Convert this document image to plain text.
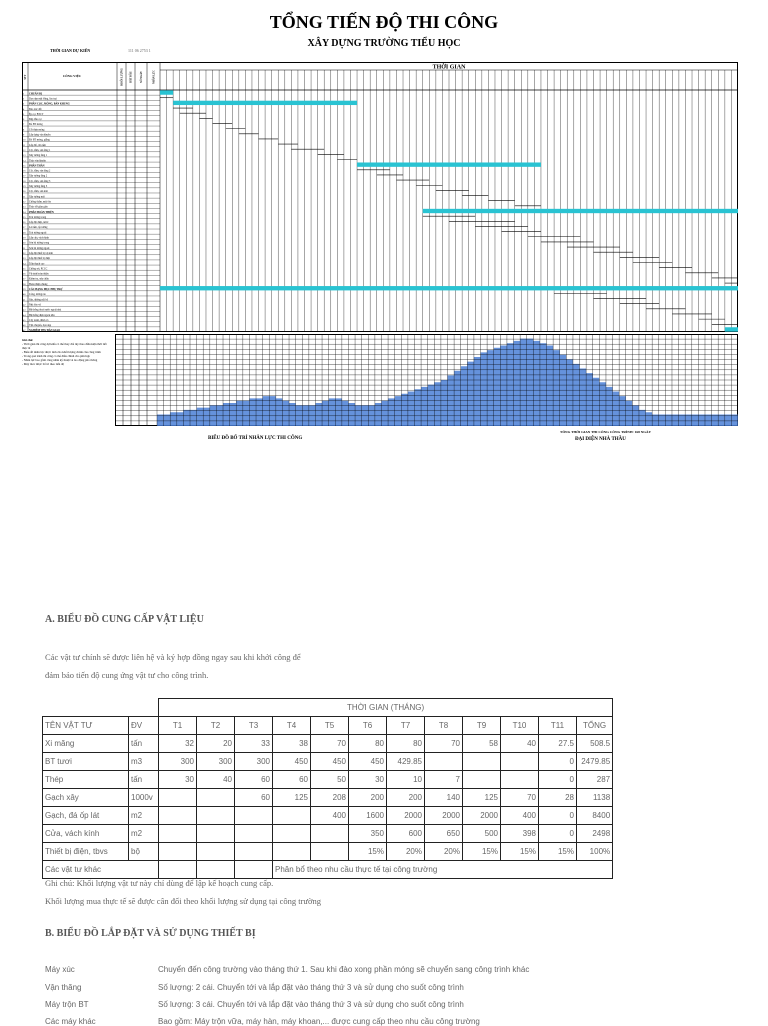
TỔNG TIẾN ĐỘ THI CÔNG
XÂY DỰNG TRƯỜNG TIỂU HỌC
THỜI GIAN DỰ KIẾN	111 06 2753 1
THỜI GIAN
STT	CÔNG VIỆC	KHỐI LƯỢNG BẮT ĐẦU	SỐ NGÀY	NHÂN LỰC
1	CHUẨN BỊ
2	Dọn dẹp mặt bằng, lán trại
3	PHẦN CỌC, MÓNG, BÁN KHUNG
4	Đào xúc đất
5	Ép cọc BTCT
6	Đập đầu cọc
7	Đổ BT móng
8	Cốt thép móng
9	Lắp dựng ván khuôn
10	Đổ BT móng, giằng
11	Lấp đất, tôn nền
12	Cột, dầm, sàn tầng 1
13	Xây tường tầng 1
14	Tháo ván khuôn
15	PHẦN THÂN
16	Cột, dầm, sàn tầng 2
17	Xây tường tầng 2
18	Cột, dầm, sàn tầng 3
19	Xây tường tầng 3
20	Cột, dầm, sàn mái
21	Xây tường mái
22	Chống thấm, mái tôn
23	Tháo dỡ giàn giáo
24	PHẦN HOÀN THIỆN
25	Trát tường trong
26	Lắp đặt điện, nước
27	Lát nền, ốp tường
28	Trát tường ngoài
29	Lắp cửa, vách kính
30	Sơn bả tường trong
31	Sơn bả tường ngoài
32	Lắp đặt thiết bị vệ sinh
33	Lắp đặt thiết bị điện
34	Trần thạch cao
35	Chống sét, PCCC
36	Vệ sinh hoàn thiện
37	Kiểm tra, sửa chữa
38	Hoàn thiện chung
39	CÁC HẠNG MỤC PHỤ TRỢ
40	Cổng, tường rào
41	Sân, đường nội bộ
42	Nhà bảo vệ
43	Hệ thống thoát nước ngoài nhà
44	Hệ thống điện ngoài nhà
45	Cây xanh, thảm cỏ
46	Vận chuyển, dọn dẹp
47	NGHIỆM THU BÀN GIAO
Ghi chú:
- Thời gian thi công dự kiến có thể thay đổi tùy theo điều kiện thời tiết thực tế
- Biểu đồ nhân lực được tính cho khối lượng chính của công trình
- Trong quá trình thi công có thể điều chỉnh cho phù hợp
- Nhân lực bao gồm công nhân kỹ thuật và lao động phổ thông
- Máy móc được bố trí theo tiến độ
BIỂU ĐỒ BỐ TRÍ NHÂN LỰC THI CÔNG
TỔNG THỜI GIAN THI CÔNG CÔNG TRÌNH: 168 NGÀY
ĐẠI DIỆN NHÀ THẦU
A. BIỂU ĐỒ CUNG CẤP VẬT LIỆU
Các vật tư chính sẽ được liên hệ và ký hợp đồng ngay sau khi khởi công để
đảm bảo tiến độ cung ứng vật tư cho công trình.
		THỜI GIAN (THÁNG)											
TÊN VẬT TƯ	ĐV	T1	T2	T3	T4	T5	T6	T7	T8	T9	T10	T11	TỔNG
Xi măng	tấn	32	20	33	38	70	80	80	70	58	40	27.5	508.5
BT tươi	m3	300	300	300	450	450	450	429.85				0	2479.85
Thép	tấn	30	40	60	60	50	30	10	7			0	287
Gạch xây	1000v			60	125	208	200	200	140	125	70	28	1138
Gạch, đá ốp lát	m2					400	1600	2000	2000	2000	400	0	8400
Cửa, vách kính	m2						350	600	650	500	398	0	2498
Thiết bị điện, tbvs	bộ						15%	20%	20%	15%	15%	15%	100%
Các vật tư khác					Phân bổ theo nhu cầu thực tế tại công trường								
Ghi chú: Khối lượng vật tư này chỉ dùng để lập kế hoạch cung cấp.
Khối lượng mua thực tế sẽ được cân đối theo khối lượng sử dụng tại công trường
B. BIỂU ĐỒ LẮP ĐẶT VÀ SỬ DỤNG THIẾT BỊ
Máy xúc	Chuyển đến công trường vào tháng thứ 1. Sau khi đào xong phần móng sẽ chuyển sang công trình khác
Vận thăng	Số lượng: 2 cái. Chuyển tới và lắp đặt vào tháng thứ 3 và sử dụng cho suốt công trình
Máy trộn BT	Số lượng: 3 cái. Chuyển tới và lắp đặt vào tháng thứ 3 và sử dụng cho suốt công trình
Các máy khác	Bao gồm: Máy trộn vữa, máy hàn, máy khoan,... được cung cấp theo nhu cầu công trường
